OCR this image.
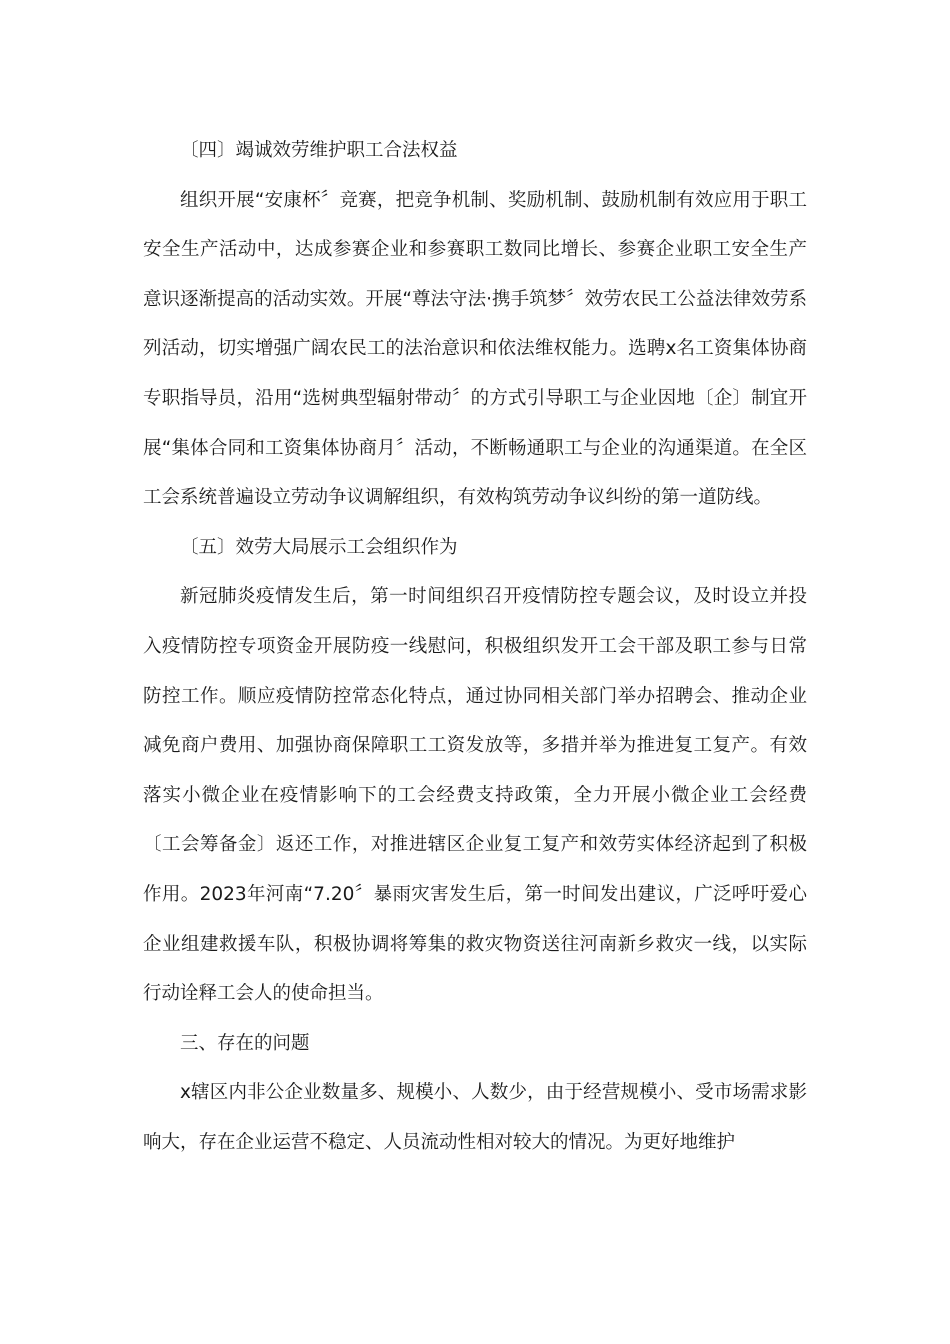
〔四〕竭诚效劳维护职工合法权益

组织开展“安康杯〞竞赛，把竞争机制、奖励机制、鼓励机制有效应用于职工安全生产活动中，达成参赛企业和参赛职工数同比增长、参赛企业职工安全生产意识逐渐提高的活动实效。开展“尊法守法·携手筑梦〞效劳农民工公益法律效劳系列活动，切实增强广阔农民工的法治意识和依法维权能力。选聘x名工资集体协商专职指导员，沿用“选树典型辐射带动〞的方式引导职工与企业因地〔企〕制宜开展“集体合同和工资集体协商月〞活动，不断畅通职工与企业的沟通渠道。在全区工会系统普遍设立劳动争议调解组织，有效构筑劳动争议纠纷的第一道防线。

〔五〕效劳大局展示工会组织作为

新冠肺炎疫情发生后，第一时间组织召开疫情防控专题会议，及时设立并投入疫情防控专项资金开展防疫一线慰问，积极组织发开工会干部及职工参与日常防控工作。顺应疫情防控常态化特点，通过协同相关部门举办招聘会、推动企业减免商户费用、加强协商保障职工工资发放等，多措并举为推进复工复产。有效落实小微企业在疫情影响下的工会经费支持政策，全力开展小微企业工会经费〔工会筹备金〕返还工作，对推进辖区企业复工复产和效劳实体经济起到了积极作用。2023年河南“7.20〞暴雨灾害发生后，第一时间发出建议，广泛呼吁爱心企业组建救援车队，积极协调将筹集的救灾物资送往河南新乡救灾一线，以实际行动诠释工会人的使命担当。

三、存在的问题

x辖区内非公企业数量多、规模小、人数少，由于经营规模小、受市场需求影响大，存在企业运营不稳定、人员流动性相对较大的情况。为更好地维护
